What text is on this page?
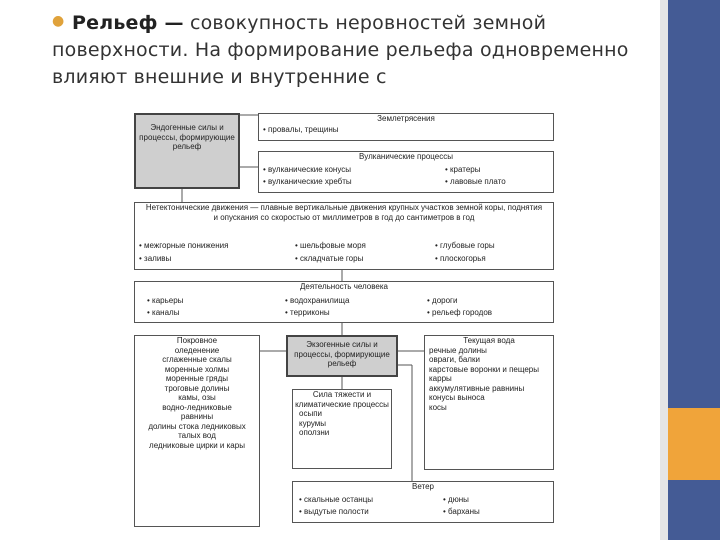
● Рельеф — совокупность неровностей земной поверхности. На формирование рельефа одновременно влияют внешние и внутренние с
Эндогенные силы и процессы, формирующие рельеф
Землетрясения
• провалы, трещины
Вулканические процессы
• вулканические конусы	• кратеры
• вулканические хребты	• лавовые плато
Нетектонические движения — плавные вертикальные движения крупных участков земной коры, поднятия и опускания со скоростью от миллиметров в год до сантиметров в год
• межгорные понижения	• шельфовые моря	• глубовые горы
• заливы	• складчатые горы	• плоскогорья
Деятельность человека
• карьеры	• водохранилища	• дороги
• каналы	• терриконы	• рельеф городов
Экзогенные силы и процессы, формирующие рельеф
Покровное оледенение
сглаженные скалы
моренные холмы
моренные гряды
троговые долины
камы, озы
водно-ледниковые равнины
долины стока ледниковых талых вод
ледниковые цирки и кары
Текущая вода
речные долины
овраги, балки
карстовые воронки и пещеры
карры
аккумулятивные равнины
конусы выноса
косы
Сила тяжести и климатические процессы
осыпи
курумы
оползни
Ветер
• скальные останцы	• дюны
• выдутые полости	• барханы
